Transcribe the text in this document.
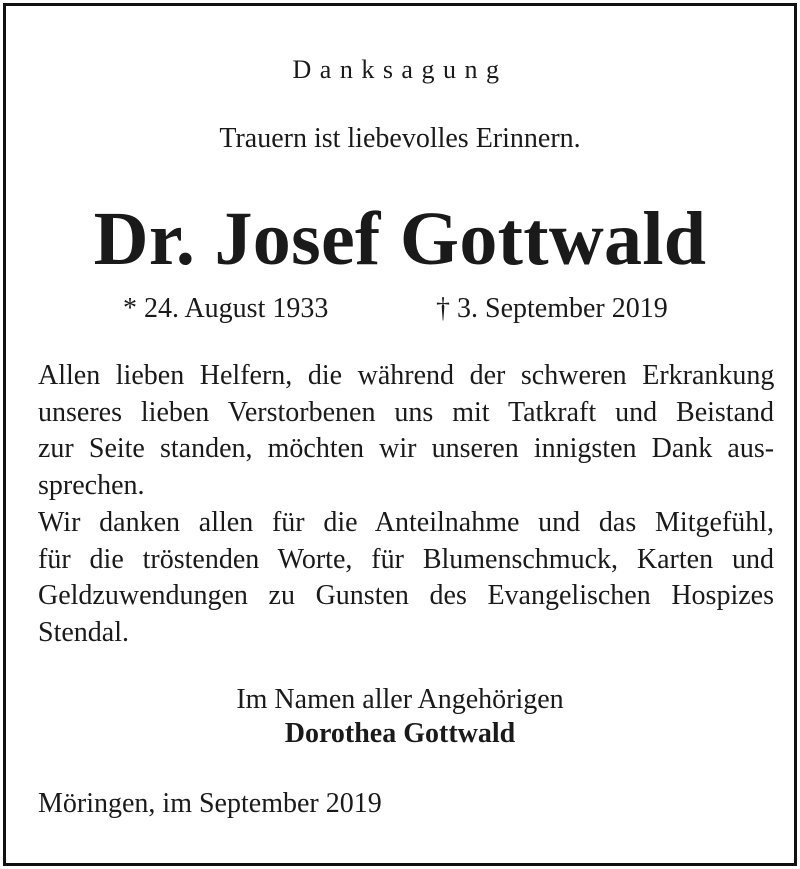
Danksagung
Trauern ist liebevolles Erinnern.
Dr. Josef Gottwald
* 24. August 1933	† 3. September 2019
Allen lieben Helfern, die während der schweren Erkrankung
unseres lieben Verstorbenen uns mit Tatkraft und Beistand
zur Seite standen, möchten wir unseren innigsten Dank aus-
sprechen.
Wir danken allen für die Anteilnahme und das Mitgefühl,
für die tröstenden Worte, für Blumenschmuck, Karten und
Geldzuwendungen zu Gunsten des Evangelischen Hospizes
Stendal.
Im Namen aller Angehörigen
Dorothea Gottwald
Möringen, im September 2019
